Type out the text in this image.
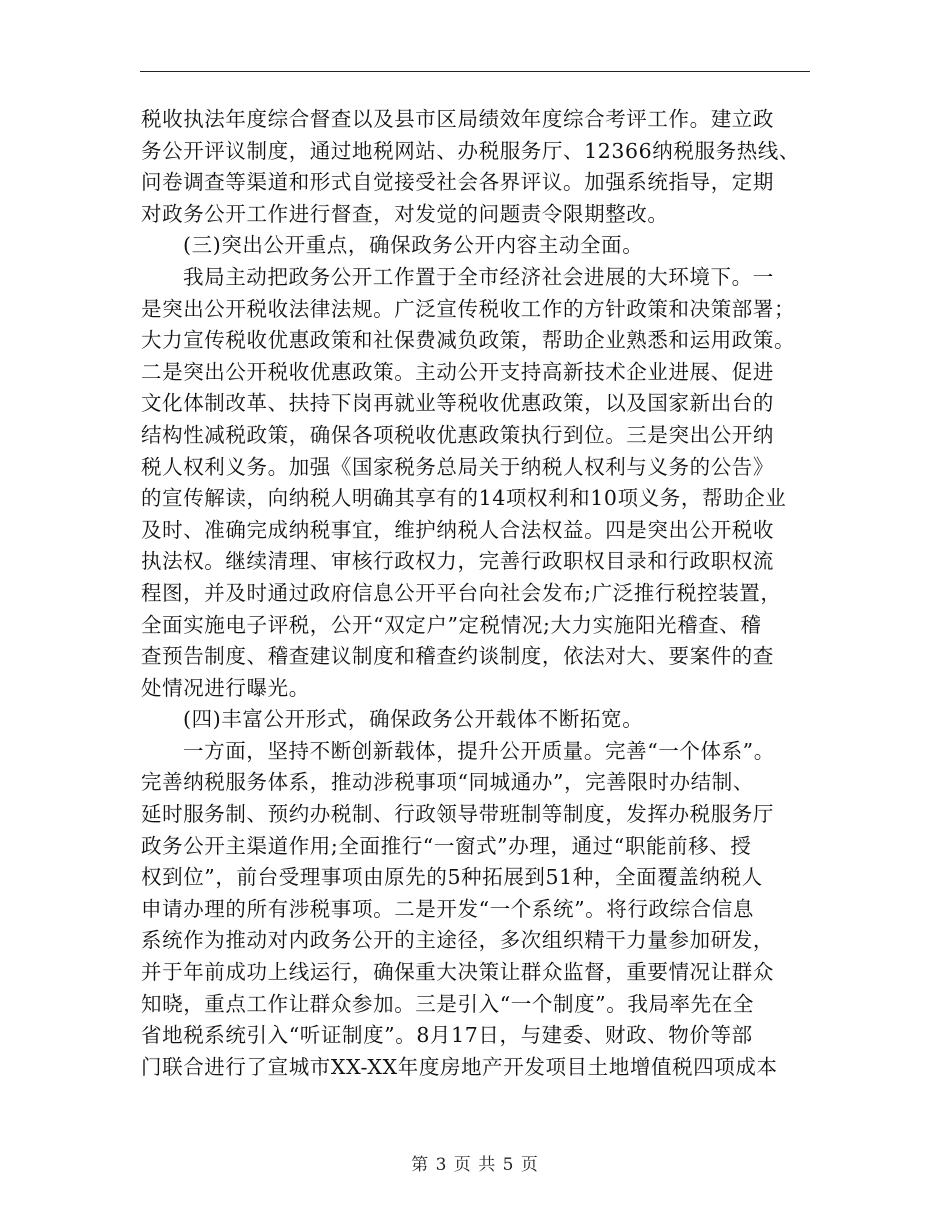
税收执法年度综合督查以及县市区局绩效年度综合考评工作。建立政
务公开评议制度，通过地税网站、办税服务厅、12366纳税服务热线、
问卷调查等渠道和形式自觉接受社会各界评议。加强系统指导，定期
对政务公开工作进行督查，对发觉的问题责令限期整改。
(三)突出公开重点，确保政务公开内容主动全面。
我局主动把政务公开工作置于全市经济社会进展的大环境下。一
是突出公开税收法律法规。广泛宣传税收工作的方针政策和决策部署；
大力宣传税收优惠政策和社保费减负政策，帮助企业熟悉和运用政策。
二是突出公开税收优惠政策。主动公开支持高新技术企业进展、促进
文化体制改革、扶持下岗再就业等税收优惠政策，以及国家新出台的
结构性减税政策，确保各项税收优惠政策执行到位。三是突出公开纳
税人权利义务。加强《国家税务总局关于纳税人权利与义务的公告》
的宣传解读，向纳税人明确其享有的14项权利和10项义务，帮助企业
及时、准确完成纳税事宜，维护纳税人合法权益。四是突出公开税收
执法权。继续清理、审核行政权力，完善行政职权目录和行政职权流
程图，并及时通过政府信息公开平台向社会发布;广泛推行税控装置，
全面实施电子评税，公开“双定户”定税情况;大力实施阳光稽查、稽
查预告制度、稽查建议制度和稽查约谈制度，依法对大、要案件的查
处情况进行曝光。
(四)丰富公开形式，确保政务公开载体不断拓宽。
一方面，坚持不断创新载体，提升公开质量。完善“一个体系”。
完善纳税服务体系，推动涉税事项“同城通办”，完善限时办结制、
延时服务制、预约办税制、行政领导带班制等制度，发挥办税服务厅
政务公开主渠道作用;全面推行“一窗式”办理，通过“职能前移、授
权到位”，前台受理事项由原先的5种拓展到51种，全面覆盖纳税人
申请办理的所有涉税事项。二是开发“一个系统”。将行政综合信息
系统作为推动对内政务公开的主途径，多次组织精干力量参加研发，
并于年前成功上线运行，确保重大决策让群众监督，重要情况让群众
知晓，重点工作让群众参加。三是引入“一个制度”。我局率先在全
省地税系统引入“听证制度”。8月17日，与建委、财政、物价等部
门联合进行了宣城市XX-XX年度房地产开发项目土地增值税四项成本
第 3 页 共 5 页
